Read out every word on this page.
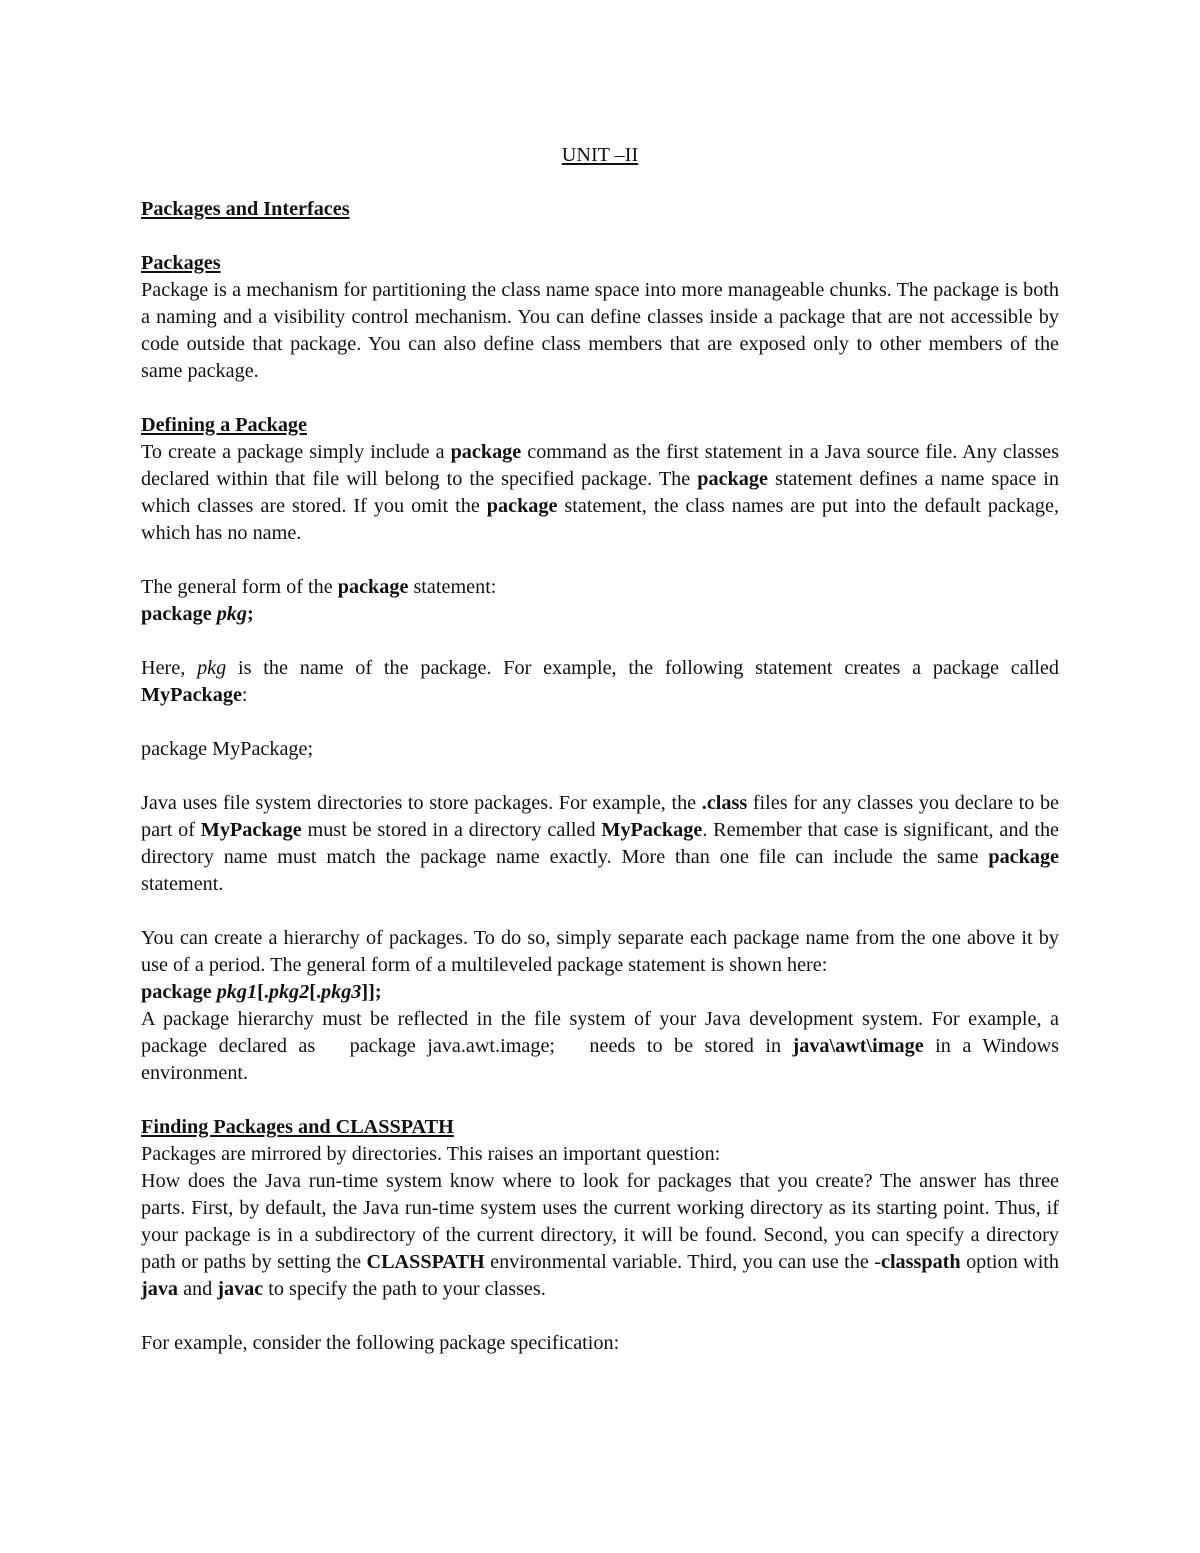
UNIT –II

Packages and Interfaces

Packages

Package is a mechanism for partitioning the class name space into more manageable chunks. The package is both a naming and a visibility control mechanism. You can define classes inside a package that are not accessible by code outside that package. You can also define class members that are exposed only to other members of the same package.

Defining a Package

To create a package simply include a package command as the first statement in a Java source file. Any classes declared within that file will belong to the specified package. The package statement defines a name space in which classes are stored. If you omit the package statement, the class names are put into the default package, which has no name.

The general form of the package statement:

package pkg;

Here, pkg is the name of the package. For example, the following statement creates a package called MyPackage:

package MyPackage;

Java uses file system directories to store packages. For example, the .class files for any classes you declare to be part of MyPackage must be stored in a directory called MyPackage. Remember that case is significant, and the directory name must match the package name exactly. More than one file can include the same package statement.

You can create a hierarchy of packages. To do so, simply separate each package name from the one above it by use of a period. The general form of a multileveled package statement is shown here:

package pkg1[.pkg2[.pkg3]];

A package hierarchy must be reflected in the file system of your Java development system. For example, a package declared as   package java.awt.image;   needs to be stored in java\awt\image in a Windows environment.

Finding Packages and CLASSPATH

Packages are mirrored by directories. This raises an important question:

How does the Java run-time system know where to look for packages that you create? The answer has three parts. First, by default, the Java run-time system uses the current working directory as its starting point. Thus, if your package is in a subdirectory of the current directory, it will be found. Second, you can specify a directory path or paths by setting the CLASSPATH environmental variable. Third, you can use the -classpath option with java and javac to specify the path to your classes.

For example, consider the following package specification:
